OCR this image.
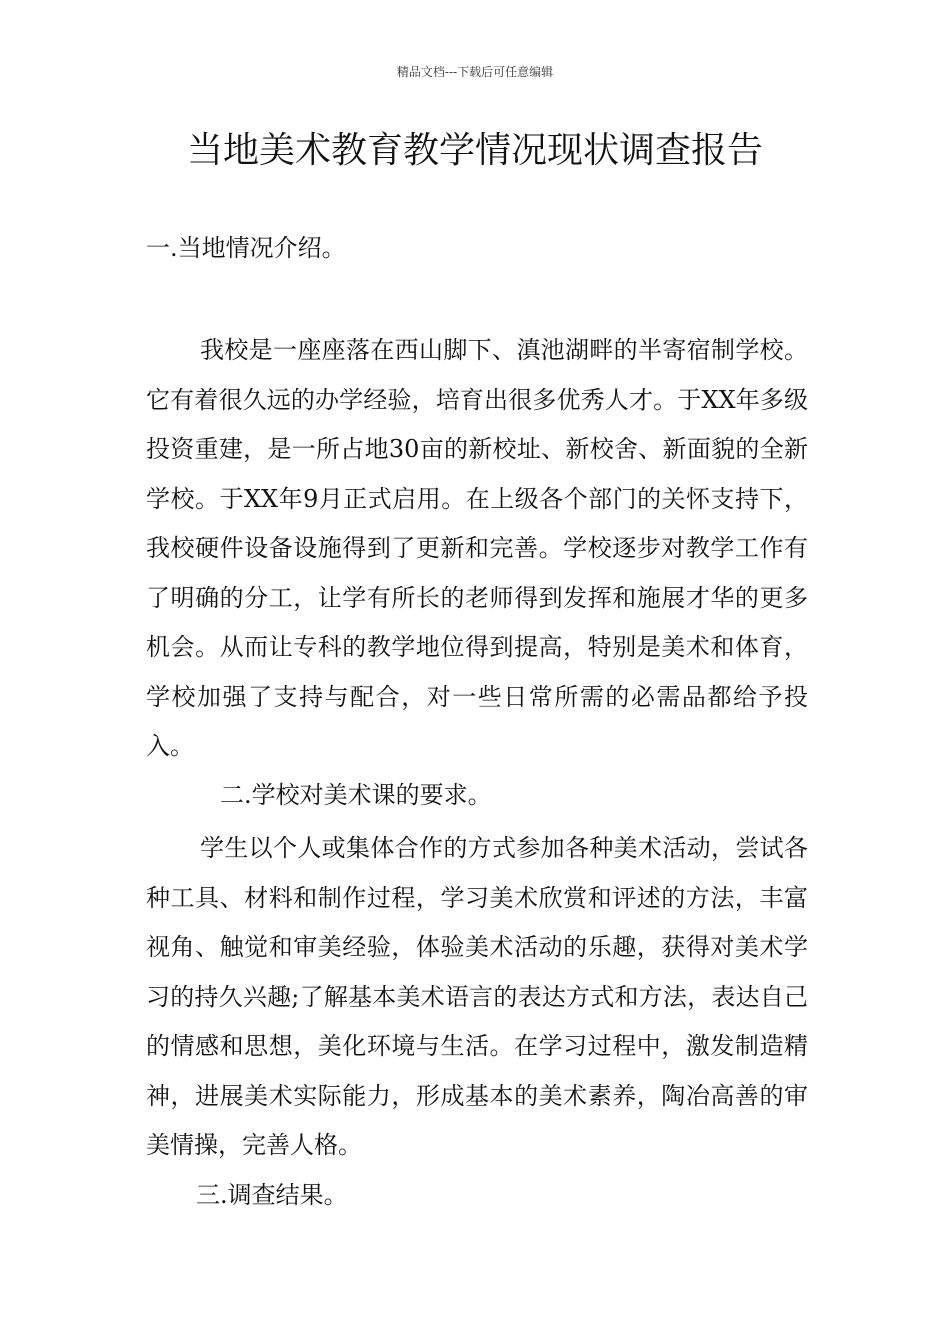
精品文档---下载后可任意编辑
当地美术教育教学情况现状调查报告
一.当地情况介绍。

我校是一座座落在西山脚下、滇池湖畔的半寄宿制学校。它有着很久远的办学经验，培育出很多优秀人才。于XX年多级投资重建，是一所占地30亩的新校址、新校舍、新面貌的全新学校。于XX年9月正式启用。在上级各个部门的关怀支持下，我校硬件设备设施得到了更新和完善。学校逐步对教学工作有了明确的分工，让学有所长的老师得到发挥和施展才华的更多机会。从而让专科的教学地位得到提高，特别是美术和体育，学校加强了支持与配合，对一些日常所需的必需品都给予投入。

二.学校对美术课的要求。

学生以个人或集体合作的方式参加各种美术活动，尝试各种工具、材料和制作过程，学习美术欣赏和评述的方法，丰富视角、触觉和审美经验，体验美术活动的乐趣，获得对美术学习的持久兴趣;了解基本美术语言的表达方式和方法，表达自己的情感和思想，美化环境与生活。在学习过程中，激发制造精神，进展美术实际能力，形成基本的美术素养，陶冶高善的审美情操，完善人格。

三.调查结果。
